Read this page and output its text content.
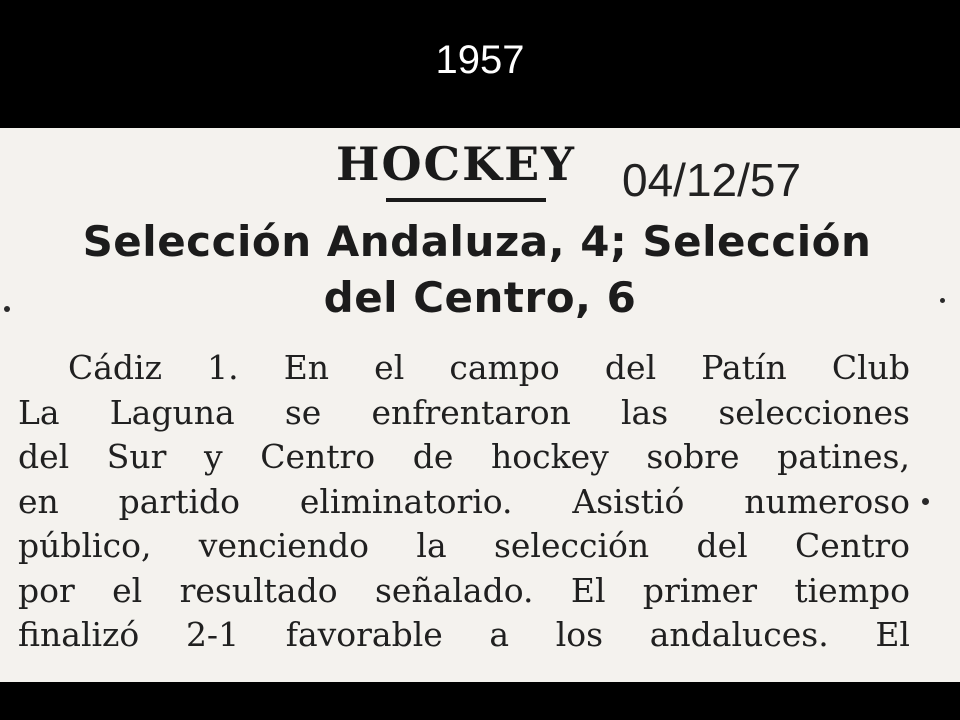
1957
HOCKEY 04/12/57
Selección Andaluza, 4; Selección
del Centro, 6
Cádiz 1. En el campo del Patín Club
La Laguna se enfrentaron las selecciones
del Sur y Centro de hockey sobre patines,
en partido eliminatorio. Asistió numeroso
público, venciendo la selección del Centro
por el resultado señalado. El primer tiempo
finalizó 2-1 favorable a los andaluces. El
